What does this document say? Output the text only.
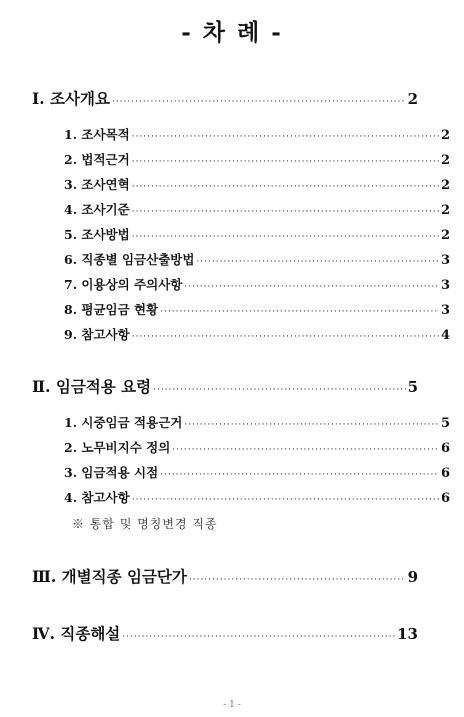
- 차 례 -
Ⅰ. 조사개요 ·····	2
1. 조사목적 ·····	2
2. 법적근거 ·····	2
3. 조사연혁 ·····	2
4. 조사기준 ·····	2
5. 조사방법 ·····	2
6. 직종별 임금산출방법 ·····	3
7. 이용상의 주의사항 ·····	3
8. 평균임금 현황 ·····	3
9. 참고사항 ·····	4
Ⅱ. 임금적용 요령 ·····	5
1. 시중임금 적용근거 ·····	5
2. 노무비지수 정의 ·····	6
3. 임금적용 시점 ·····	6
4. 참고사항 ·····	6
※ 통합 및 명칭변경 직종
Ⅲ. 개별직종 임금단가 ·····	9
Ⅳ. 직종해설 ·····	13
- 1 -
